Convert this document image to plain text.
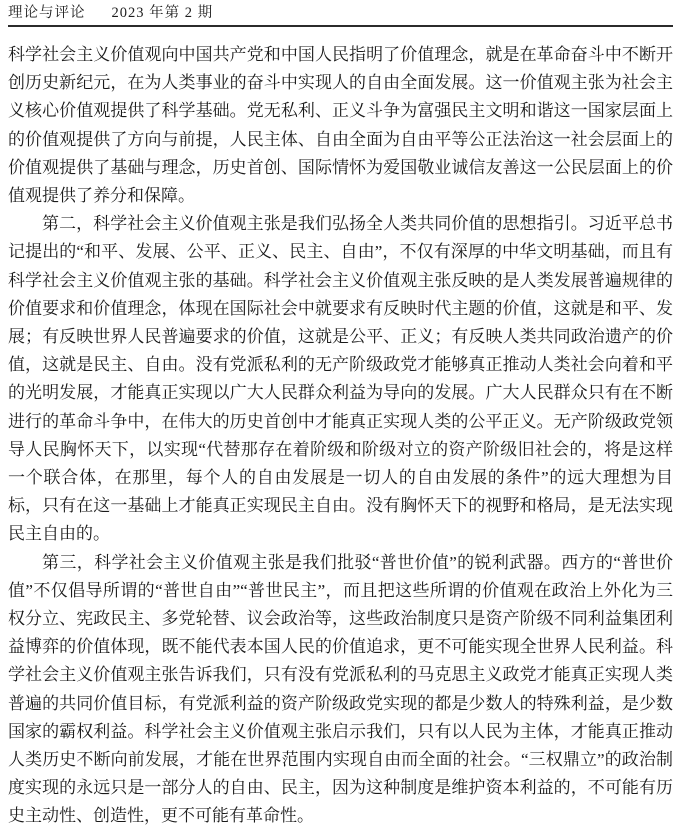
理论与评论 2023 年第 2 期

科学社会主义价值观向中国共产党和中国人民指明了价值理念，就是在革命奋斗中不断开创历史新纪元，在为人类事业的奋斗中实现人的自由全面发展。这一价值观主张为社会主义核心价值观提供了科学基础。党无私利、正义斗争为富强民主文明和谐这一国家层面上的价值观提供了方向与前提，人民主体、自由全面为自由平等公正法治这一社会层面上的价值观提供了基础与理念，历史首创、国际情怀为爱国敬业诚信友善这一公民层面上的价值观提供了养分和保障。

第二，科学社会主义价值观主张是我们弘扬全人类共同价值的思想指引。习近平总书记提出的“和平、发展、公平、正义、民主、自由”，不仅有深厚的中华文明基础，而且有科学社会主义价值观主张的基础。科学社会主义价值观主张反映的是人类发展普遍规律的价值要求和价值理念，体现在国际社会中就要求有反映时代主题的价值，这就是和平、发展；有反映世界人民普遍要求的价值，这就是公平、正义；有反映人类共同政治遗产的价值，这就是民主、自由。没有党派私利的无产阶级政党才能够真正推动人类社会向着和平的光明发展，才能真正实现以广大人民群众利益为导向的发展。广大人民群众只有在不断进行的革命斗争中，在伟大的历史首创中才能真正实现人类的公平正义。无产阶级政党领导人民胸怀天下，以实现“代替那存在着阶级和阶级对立的资产阶级旧社会的，将是这样一个联合体，在那里，每个人的自由发展是一切人的自由发展的条件”的远大理想为目标，只有在这一基础上才能真正实现民主自由。没有胸怀天下的视野和格局，是无法实现民主自由的。

第三，科学社会主义价值观主张是我们批驳“普世价值”的锐利武器。西方的“普世价值”不仅倡导所谓的“普世自由”“普世民主”，而且把这些所谓的价值观在政治上外化为三权分立、宪政民主、多党轮替、议会政治等，这些政治制度只是资产阶级不同利益集团利益博弈的价值体现，既不能代表本国人民的价值追求，更不可能实现全世界人民利益。科学社会主义价值观主张告诉我们，只有没有党派私利的马克思主义政党才能真正实现人类普遍的共同价值目标，有党派利益的资产阶级政党实现的都是少数人的特殊利益，是少数国家的霸权利益。科学社会主义价值观主张启示我们，只有以人民为主体，才能真正推动人类历史不断向前发展，才能在世界范围内实现自由而全面的社会。“三权鼎立”的政治制度实现的永远只是一部分人的自由、民主，因为这种制度是维护资本利益的，不可能有历史主动性、创造性，更不可能有革命性。
